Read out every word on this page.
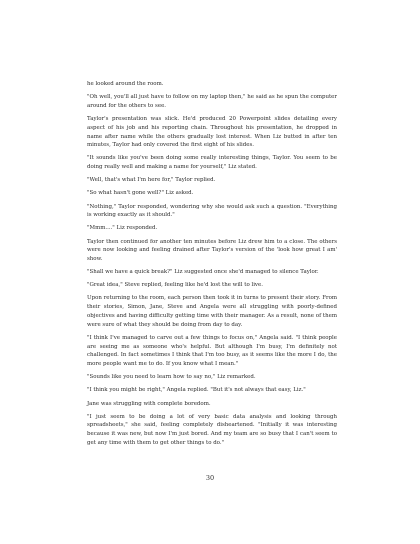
he looked around the room.

"Oh well, you'll all just have to follow on my laptop then," he said as he spun the computer around for the others to see.

Taylor's presentation was slick. He'd produced 20 Powerpoint slides detailing every aspect of his job and his reporting chain. Throughout his presentation, he dropped in name after name while the others gradually lost interest. When Liz butted in after ten minutes, Taylor had only covered the first eight of his slides.

"It sounds like you've been doing some really interesting things, Taylor. You seem to be doing really well and making a name for yourself," Liz stated.

"Well, that's what I'm here for," Taylor replied.

"So what hasn't gone well?" Liz asked.

"Nothing," Taylor responded, wondering why she would ask such a question. "Everything is working exactly as it should."

"Mmm...." Liz responded.

Taylor then continued for another ten minutes before Liz drew him to a close. The others were now looking and feeling drained after Taylor's version of the 'look how great I am' show.

"Shall we have a quick break?" Liz suggested once she'd managed to silence Taylor.

"Great idea," Steve replied, feeling like he'd lost the will to live.

Upon returning to the room, each person then took it in turns to present their story. From their stories, Simon, Jane, Steve and Angela were all struggling with poorly-defined objectives and having difficulty getting time with their manager. As a result, none of them were sure of what they should be doing from day to day.

"I think I've managed to carve out a few things to focus on," Angela said. "I think people are seeing me as someone who's helpful. But although I'm busy, I'm definitely not challenged. In fact sometimes I think that I'm too busy, as it seems like the more I do, the more people want me to do. If you know what I mean."

"Sounds like you need to learn how to say no," Liz remarked.

"I think you might be right," Angela replied. "But it's not always that easy, Liz."

Jane was struggling with complete boredom.

"I just seem to be doing a lot of very basic data analysis and looking through spreadsheets," she said, feeling completely disheartened. "Initially it was interesting because it was new, but now I'm just bored. And my team are so busy that I can't seem to get any time with them to get other things to do."

30
